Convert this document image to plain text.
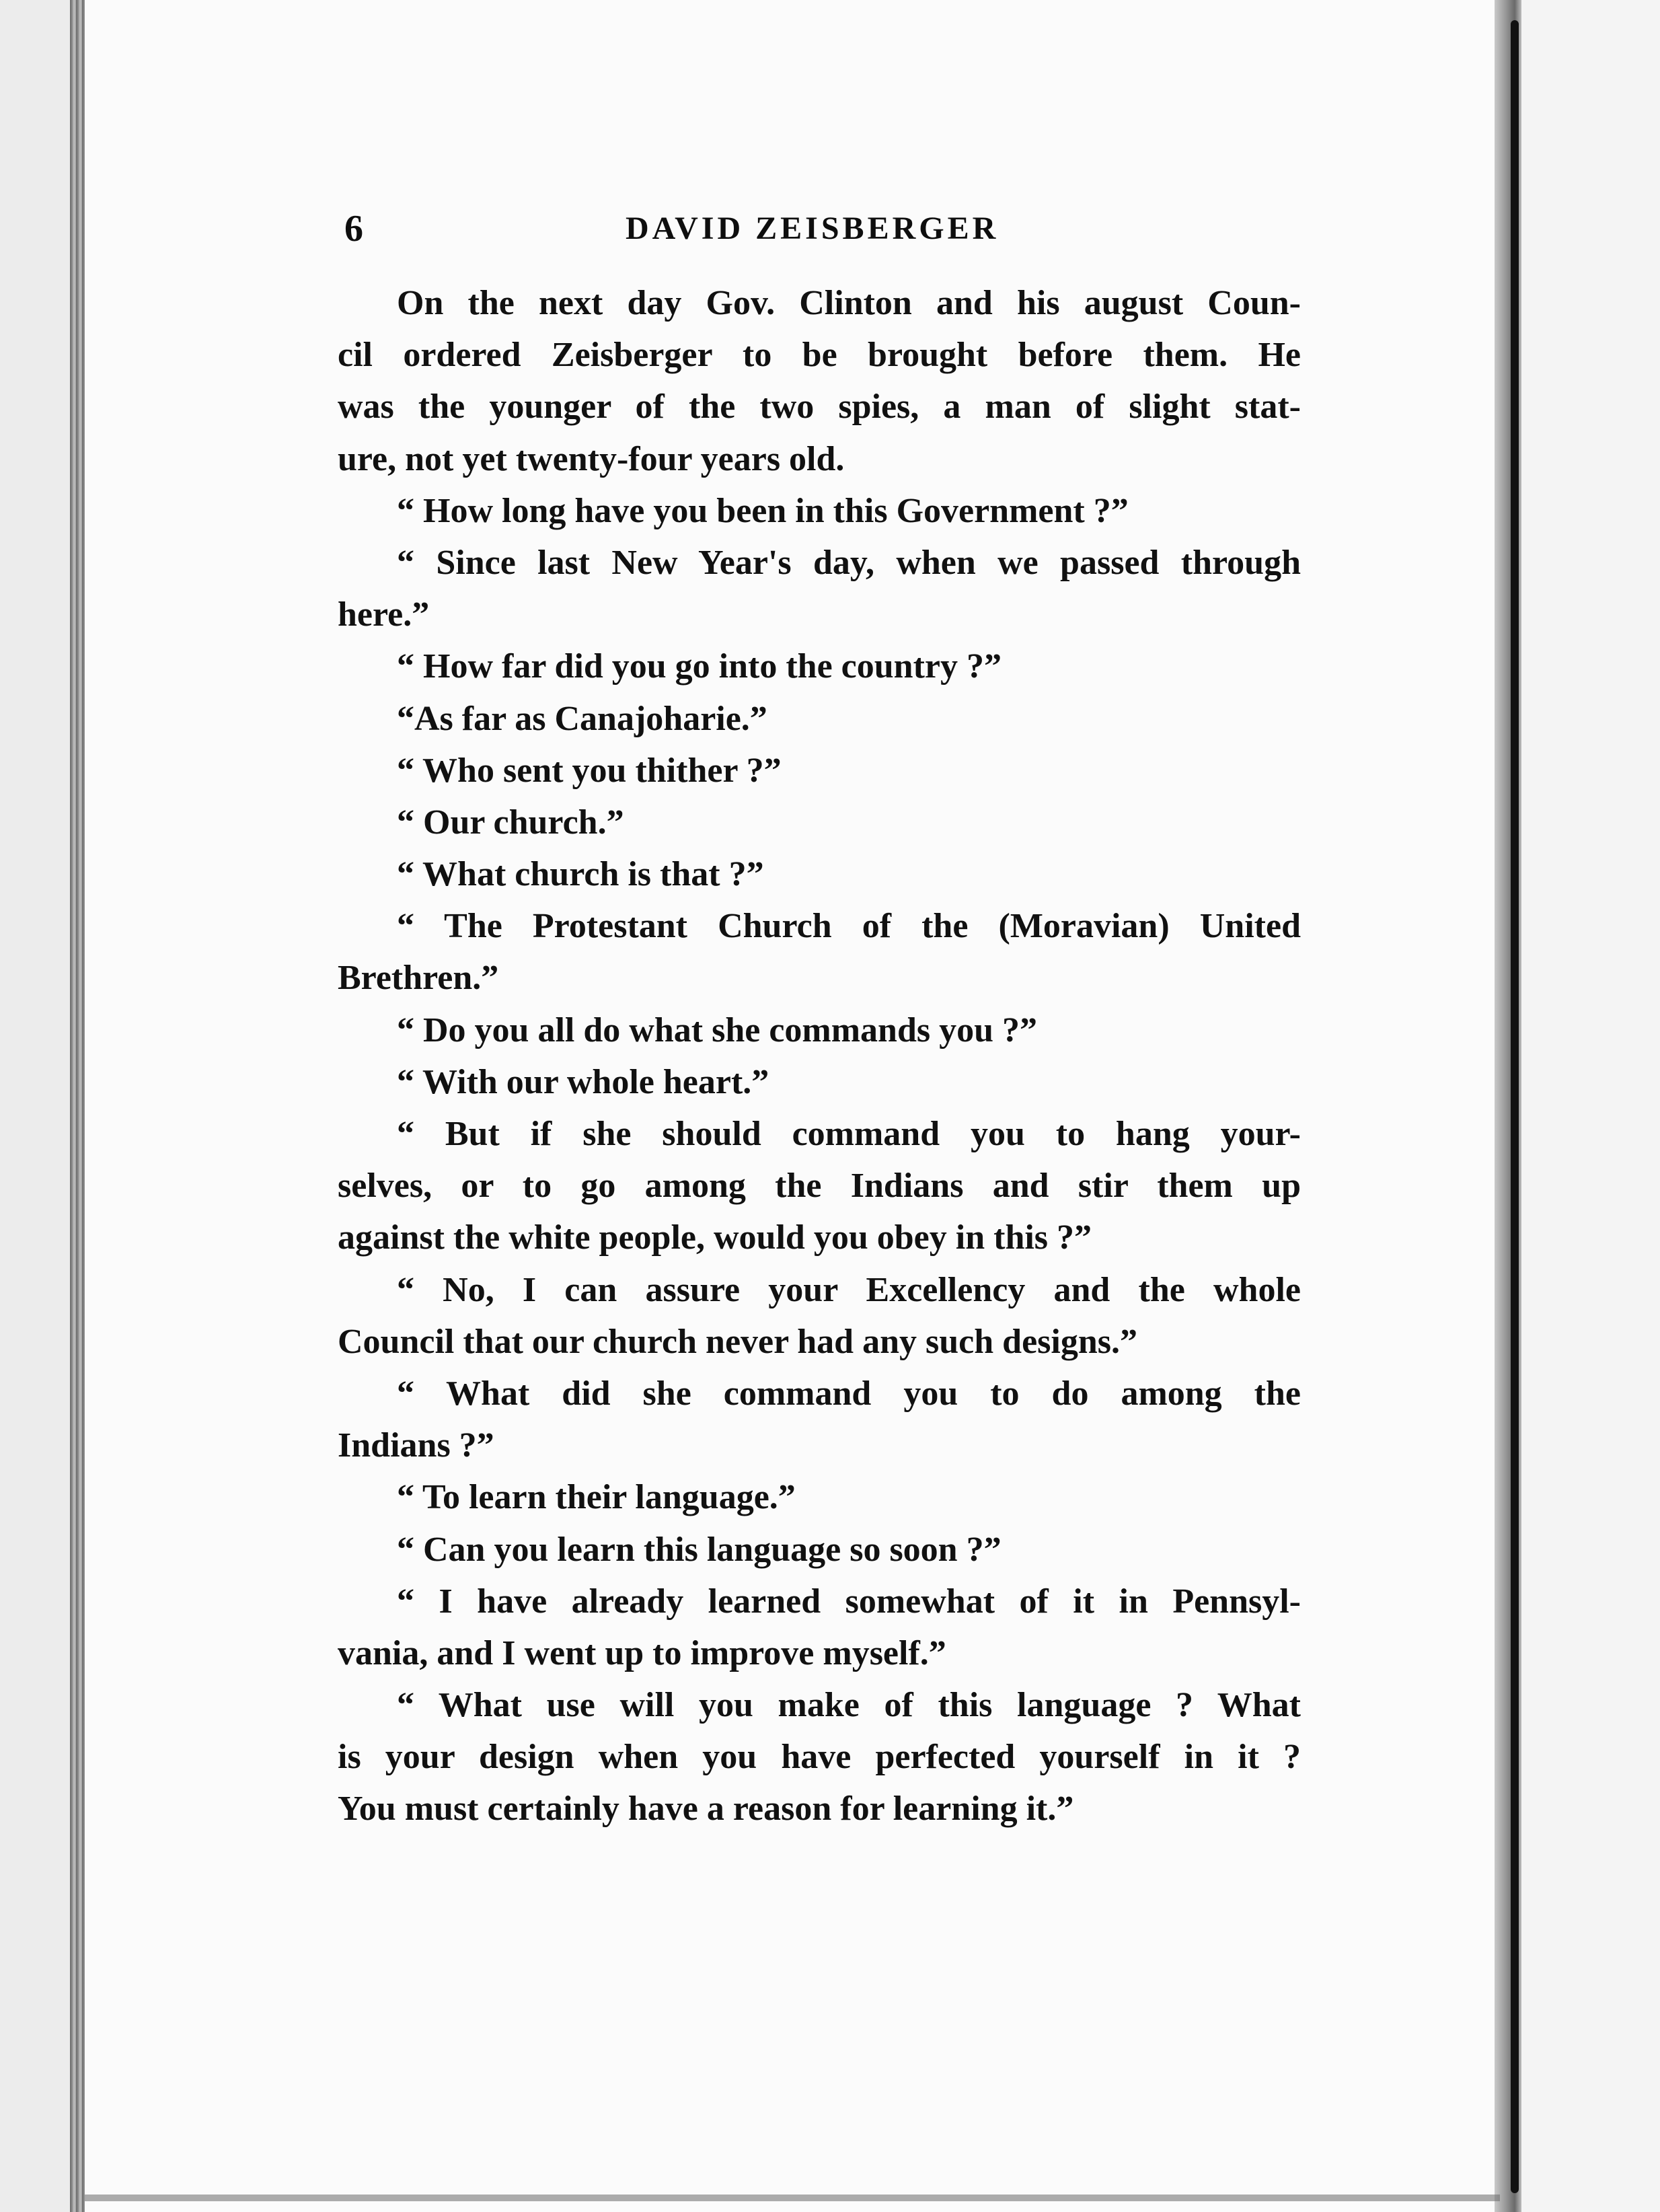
6	DAVID ZEISBERGER
On the next day Gov. Clinton and his august Coun-
cil ordered Zeisberger to be brought before them. He
was the younger of the two spies, a man of slight stat-
ure, not yet twenty-four years old.
“ How long have you been in this Government ?”
“ Since last New Year's day, when we passed through
here.”
“ How far did you go into the country ?”
“As far as Canajoharie.”
“ Who sent you thither ?”
“ Our church.”
“ What church is that ?”
“ The Protestant Church of the (Moravian) United
Brethren.”
“ Do you all do what she commands you ?”
“ With our whole heart.”
“ But if she should command you to hang your-
selves, or to go among the Indians and stir them up
against the white people, would you obey in this ?”
“ No, I can assure your Excellency and the whole
Council that our church never had any such designs.”
“ What did she command you to do among the
Indians ?”
“ To learn their language.”
“ Can you learn this language so soon ?”
“ I have already learned somewhat of it in Pennsyl-
vania, and I went up to improve myself.”
“ What use will you make of this language ? What
is your design when you have perfected yourself in it ?
You must certainly have a reason for learning it.”
